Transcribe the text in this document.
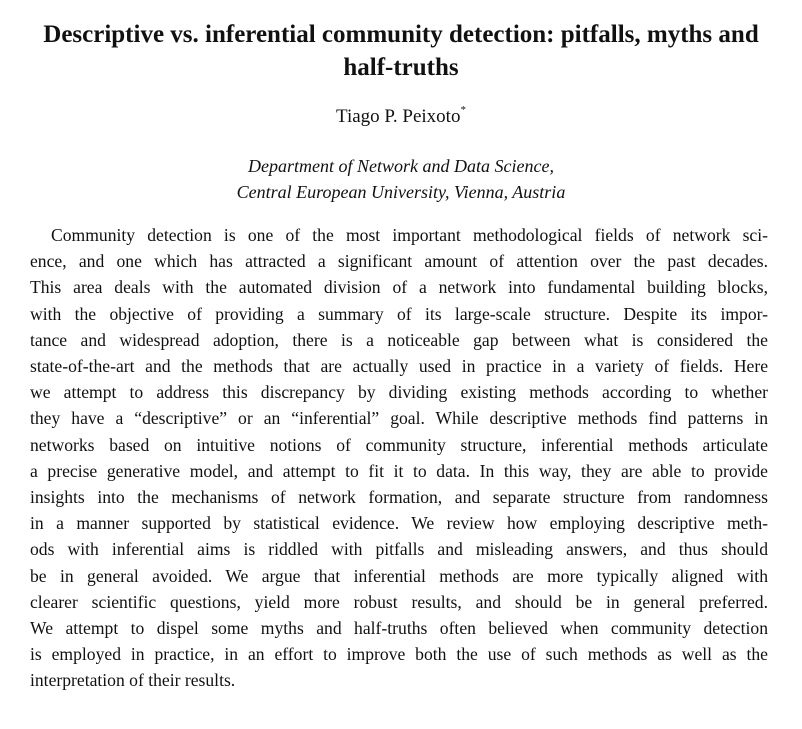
Descriptive vs. inferential community detection: pitfalls, myths and
half-truths
Tiago P. Peixoto*
Department of Network and Data Science,
Central European University, Vienna, Austria
Community detection is one of the most important methodological fields of network sci-
ence, and one which has attracted a significant amount of attention over the past decades.
This area deals with the automated division of a network into fundamental building blocks,
with the objective of providing a summary of its large-scale structure. Despite its impor-
tance and widespread adoption, there is a noticeable gap between what is considered the
state-of-the-art and the methods that are actually used in practice in a variety of fields. Here
we attempt to address this discrepancy by dividing existing methods according to whether
they have a “descriptive” or an “inferential” goal. While descriptive methods find patterns in
networks based on intuitive notions of community structure, inferential methods articulate
a precise generative model, and attempt to fit it to data. In this way, they are able to provide
insights into the mechanisms of network formation, and separate structure from randomness
in a manner supported by statistical evidence. We review how employing descriptive meth-
ods with inferential aims is riddled with pitfalls and misleading answers, and thus should
be in general avoided. We argue that inferential methods are more typically aligned with
clearer scientific questions, yield more robust results, and should be in general preferred.
We attempt to dispel some myths and half-truths often believed when community detection
is employed in practice, in an effort to improve both the use of such methods as well as the
interpretation of their results.
